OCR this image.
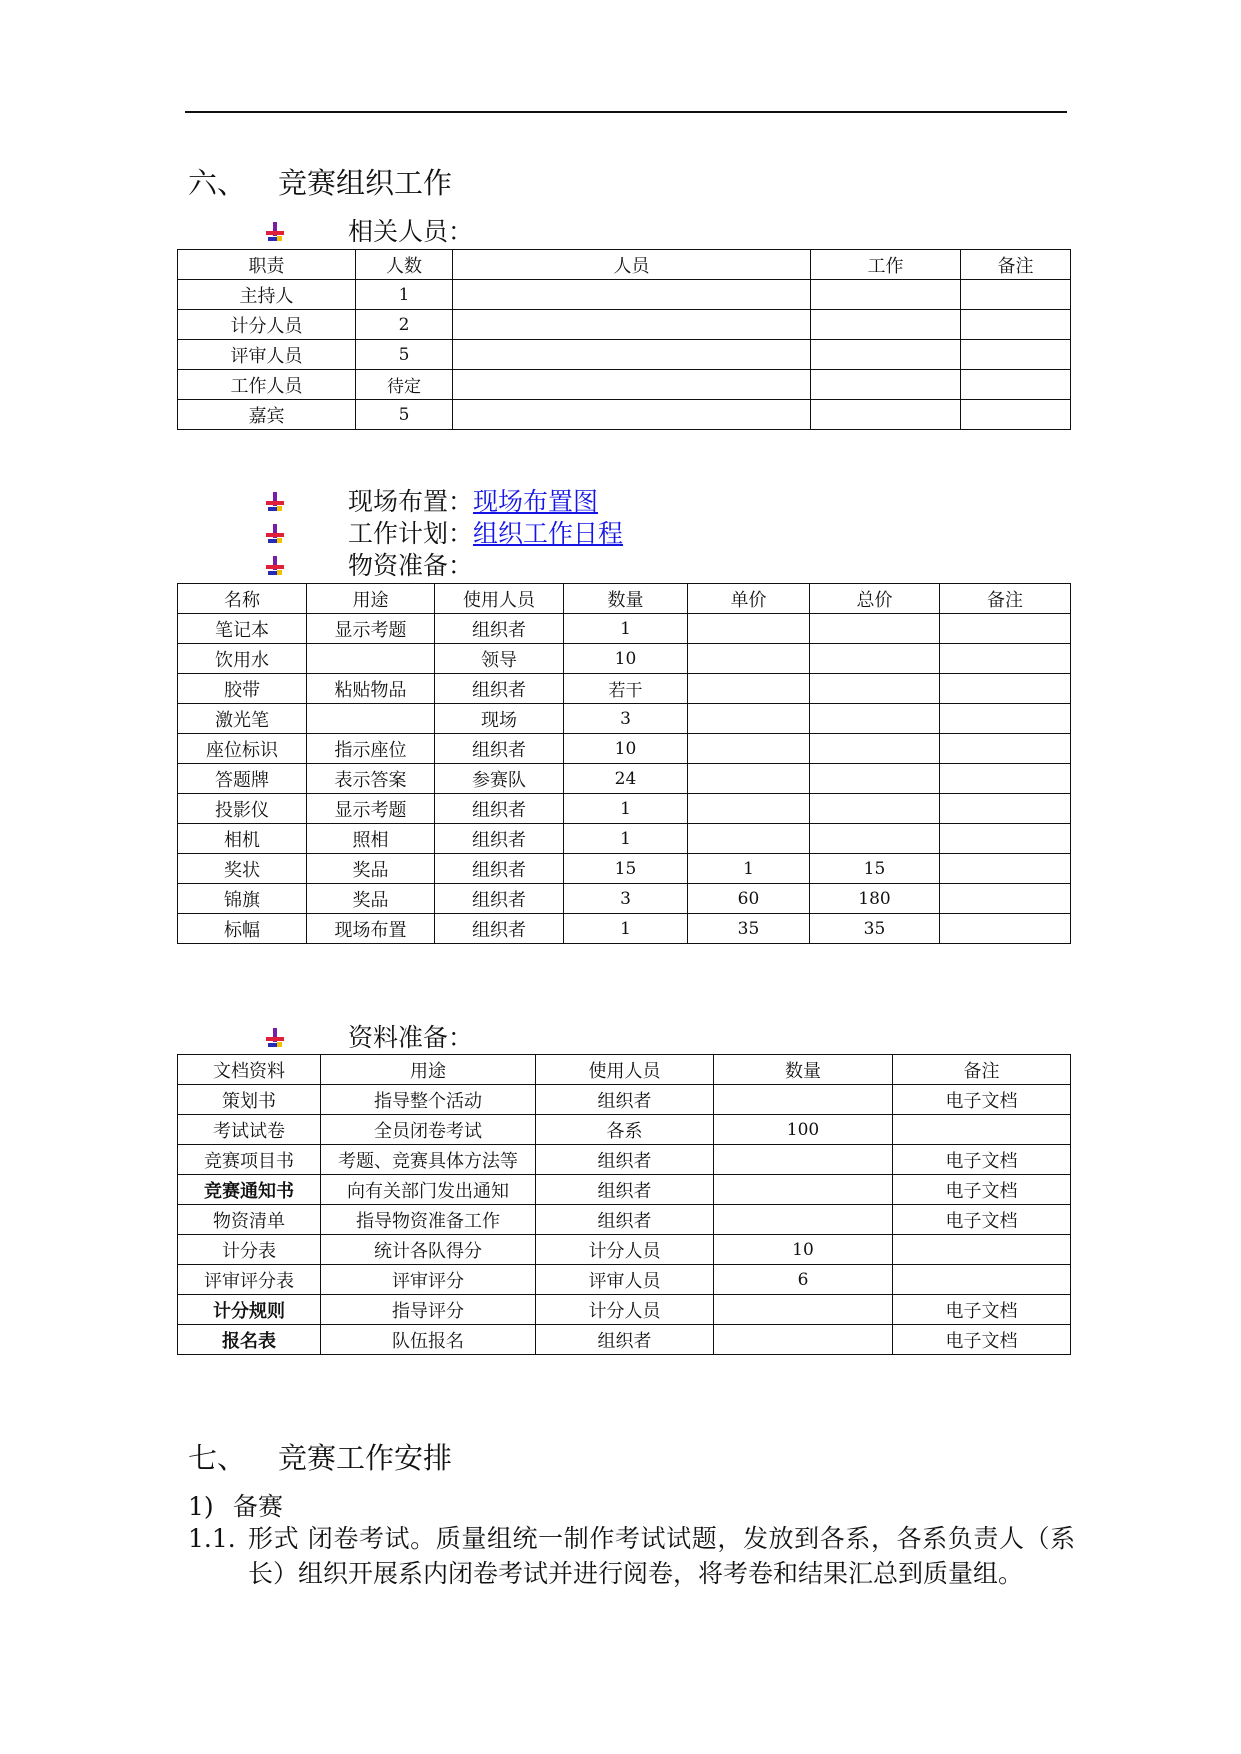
六、 竞赛组织工作
相关人员：
职责	人数	人员	工作	备注
主持人	1			
计分人员	2			
评审人员	5			
工作人员	待定			
嘉宾	5			
现场布置： 现场布置图
工作计划： 组织工作日程
物资准备：
名称	用途	使用人员	数量	单价	总价	备注
笔记本	显示考题	组织者	1			
饮用水		领导	10			
胶带	粘贴物品	组织者	若干			
激光笔		现场	3			
座位标识	指示座位	组织者	10			
答题牌	表示答案	参赛队	24			
投影仪	显示考题	组织者	1			
相机	照相	组织者	1			
奖状	奖品	组织者	15	1	15	
锦旗	奖品	组织者	3	60	180	
标幅	现场布置	组织者	1	35	35	
资料准备：
文档资料	用途	使用人员	数量	备注
策划书	指导整个活动	组织者		电子文档
考试试卷	全员闭卷考试	各系	100	
竞赛项目书	考题、竞赛具体方法等	组织者		电子文档
竞赛通知书	向有关部门发出通知	组织者		电子文档
物资清单	指导物资准备工作	组织者		电子文档
计分表	统计各队得分	计分人员	10	
评审评分表	评审评分	评审人员	6	
计分规则	指导评分	计分人员		电子文档
报名表	队伍报名	组织者		电子文档
七、 竞赛工作安排
1) 备赛
1.1. 形式 闭卷考试。质量组统一制作考试试题，发放到各系，各系负责人（系
长）组织开展系内闭卷考试并进行阅卷，将考卷和结果汇总到质量组。
